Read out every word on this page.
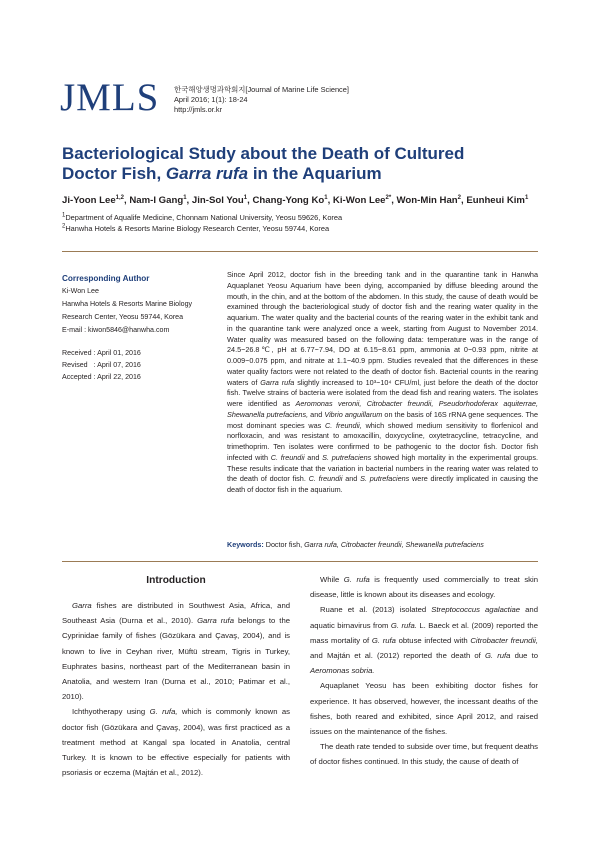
JMLS 한국해양생명과학회지[Journal of Marine Life Science]
April 2016; 1(1): 18-24
http://jmls.or.kr
Bacteriological Study about the Death of Cultured
Doctor Fish, Garra rufa in the Aquarium
Ji-Yoon Lee$^{1,2}$, Nam-I Gang$^1$, Jin-Sol You$^1$, Chang-Yong Ko$^1$, Ki-Won Lee$^{2*}$, Won-Min Han$^2$, Eunheui Kim$^1$
$^1$Department of Aqualife Medicine, Chonnam National University, Yeosu 59626, Korea
$^2$Hanwha Hotels & Resorts Marine Biology Research Center, Yeosu 59744, Korea
Corresponding Author
Ki-Won Lee
Hanwha Hotels & Resorts Marine Biology
Research Center, Yeosu 59744, Korea
E-mail : kiwon5846@hanwha.com
Received : April 01, 2016
Revised   : April 07, 2016
Accepted : April 22, 2016
Since April 2012, doctor fish in the breeding tank and in the quarantine tank in Hanwha Aquaplanet Yeosu Aquarium have been dying, accompanied by diffuse bleeding around the mouth, in the chin, and at the bottom of the abdomen. In this study, the cause of death would be examined through the bacteriological study of doctor fish and the rearing water quality in the aquarium. The water quality and the bacterial counts of the rearing water in the exhibit tank and in the quarantine tank were analyzed once a week, starting from August to November 2014. Water quality was measured based on the following data: temperature was in the range of 24.5~26.8℃, pH at 6.77~7.94, DO at 6.15~8.61 ppm, ammonia at 0~0.93 ppm, nitrite at 0.009~0.075 ppm, and nitrate at 1.1~40.9 ppm. Studies revealed that the differences in these water quality factors were not related to the death of doctor fish. Bacterial counts in the rearing waters of Garra rufa slightly increased to 10³~10⁴ CFU/ml, just before the death of the doctor fish. Twelve strains of bacteria were isolated from the dead fish and rearing waters. The isolates were identified as Aeromonas veronii, Citrobacter freundii, Pseudorhodoferax aquiterrae, Shewanella putrefaciens, and Vibrio anguillarum on the basis of 16S rRNA gene sequences. The most dominant species was C. freundii, which showed medium sensitivity to florfenicol and norfloxacin, and was resistant to amoxacillin, doxycycline, oxytetracycline, tetracycline, and trimethoprim. Ten isolates were confirmed to be pathogenic to the doctor fish. Doctor fish infected with C. freundii and S. putrefaciens showed high mortality in the experimental groups. These results indicate that the variation in bacterial numbers in the rearing water was related to the death of doctor fish. C. freundii and S. putrefaciens were directly implicated in causing the death of doctor fish in the aquarium.
Keywords: Doctor fish, Garra rufa, Citrobacter freundii, Shewanella putrefaciens
Introduction

Garra fishes are distributed in Southwest Asia, Africa, and Southeast Asia (Durna et al., 2010). Garra rufa belongs to the Cyprinidae family of fishes (Gözükara and Çavaş, 2004), and is known to live in Ceyhan river, Müftü stream, Tigris in Turkey, Euphrates basins, northeast part of the Mediterranean basin in Anatolia, and western Iran (Durna et al., 2010; Patimar et al., 2010).

Ichthyotherapy using G. rufa, which is commonly known as doctor fish (Gözükara and Çavaş, 2004), was first practiced as a treatment method at Kangal spa located in Anatolia, central Turkey. It is known to be effective especially for patients with psoriasis or eczema (Majtán et al., 2012).

While G. rufa is frequently used commercially to treat skin disease, little is known about its diseases and ecology.

Ruane et al. (2013) isolated Streptococcus agalactiae and aquatic birnavirus from G. rufa. L. Baeck et al. (2009) reported the mass mortality of G. rufa obtuse infected with Citrobacter freundii, and Majtán et al. (2012) reported the death of G. rufa due to Aeromonas sobria.

Aquaplanet Yeosu has been exhibiting doctor fishes for experience. It has observed, however, the incessant deaths of the fishes, both reared and exhibited, since April 2012, and raised issues on the maintenance of the fishes.

The death rate tended to subside over time, but frequent deaths of doctor fishes continued. In this study, the cause of death of
